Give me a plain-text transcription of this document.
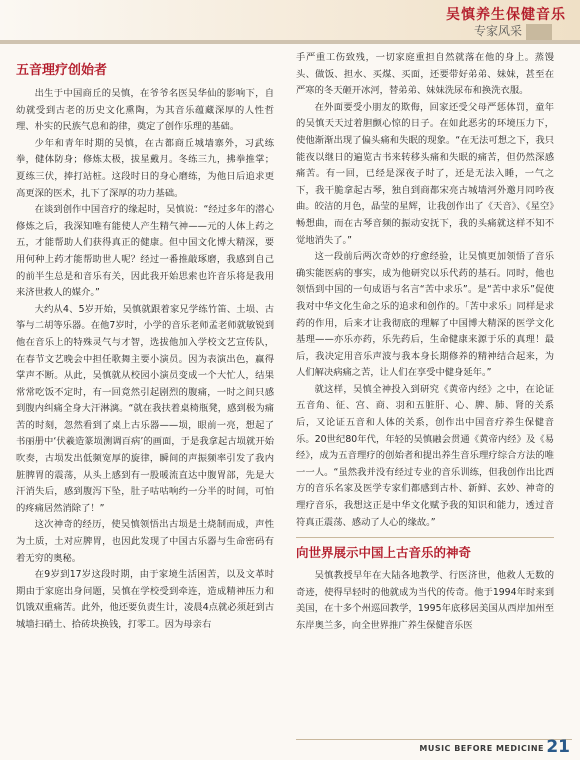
吴慎养生保健音乐
专家风采
五音理疗创始者

出生于中国商丘的吴慎，在爷爷名医吴华仙的影响下，自幼就受到古老的历史文化熏陶，为其音乐蕴藏深厚的人性哲理、朴实的民族气息和韵律，奠定了创作乐理的基础。

少年和青年时期的吴慎，在古都商丘城墙寨外，习武练拳，健体防身；修炼太极，拔星戴月。冬练三九，拂拳推掌；夏练三伏，捧打站桩。这段时日的身心磨练，为他日后追求更高更深的医术，扎下了深厚的功力基础。

在谈到创作中国音疗的缘起时，吴慎说：“经过多年的潜心修炼之后，我深知唯有能使人产生精气神——元的人体上药之五，才能帮助人们获得真正的健康。但中国文化博大精深，要用何种上药才能帮助世人呢？经过一番推敲琢磨，我感到自己的前半生总是和音乐有关，因此我开始思索也许音乐将是我用来济世救人的媒介。”

大约从4、5岁开始，吴慎就跟着家兄学练竹笛、土埙、古筝与二胡等乐器。在他7岁时，小学的音乐老师孟老师就敏锐到他在音乐上的特殊灵气与才智，选拔他加入学校文艺宣传队，在春节文艺晚会中担任歌舞主要小演员。因为表演出色，赢得掌声不断。从此，吴慎就从校园小演员变成一个大忙人，结果常常吃饭不定时，有一回竟然引起剧烈的腹痛，一时之间只感到腹内纠痛全身大汗淋漓。“就在我扶着桌椅瓶凳，感到极为痛苦的时刻，忽然看到了桌上古乐器——埙，眼前一亮，想起了书丽册中‘伏羲造篆埙测调百病’的画面，于是我拿起古埙就开始吹奏，古埙发出低频宽厚的旋律，瞬间的声振频率引发了我内脏脾胃的震荡，从头上感到有一股暖流直达中腹胃部，先是大汗消失后，感到腹泻下坠，肚子咕咕响约一分半的时间，可怕的疼痛居然消除了！”

这次神奇的经历，使吴慎领悟出古埙是土烧制而成，声性为土质，土对应脾胃，也因此发现了中国古乐器与生命密码有着无穷的奥秘。

在9岁到17岁这段时期，由于家境生活困苦，以及文革时期由于家庭出身问题，吴慎在学校受到牵连，造成精神压力和饥饿双重痛苦。此外，他还要负责生计，凌晨4点就必须赶到古城墙扫硝土、拾砖块换钱，打零工。因为母亲右

手严重工伤致残，一切家庭重担自然就落在他的身上。蒸馒头、做饭、担水、买煤、买面，还要带好弟弟、妹妹，甚至在严寒的冬天砸开冰河，替弟弟、妹妹洗尿布和换洗衣服。

在外面要受小朋友的欺侮，回家还受父母严惩体罚，童年的吴慎天天过着胆颤心惊的日子。在如此恶劣的环境压力下，使他渐渐出现了偏头痛和失眠的现象。“在无法可想之下，我只能夜以继日的遍览古书来转移头痛和失眠的痛苦，但仍然深感痛苦。有一回，已经是深夜子时了，还是无法入睡，一气之下，我干脆拿起古琴，独自到商都宋亮古城墙河外邀月同吟夜曲。皎洁的月色，晶莹的星辉，让我创作出了《天音》、《星空》畅想曲，而在古琴音频的振动安抚下，我的头痛就这样不知不觉地消失了。”

这一段前后两次奇妙的疗愈经验，让吴慎更加领悟了音乐确实能医病的事实，成为他研究以乐代药的基石。同时，他也领悟到中国的一句成语与名言“苦中求乐”。是“苦中求乐”促使我对中华文化生命之乐的追求和创作的。「苦中求乐」同样是求药的作用，后来才让我彻底的理解了中国博大精深的医学文化基理——亦乐亦药，乐先药后，生命健康来源于乐的真理！最后，我决定用音乐声波与我本身长期修养的精神结合起来，为人们解决病痛之苦，让人们在享受中健身延年。”

就这样，吴慎全神投入到研究《黄帝内经》之中，在论证五音角、征、宫、商、羽和五脏肝、心、脾、肺、肾的关系后，又论证五音和人体的关系，创作出中国音疗养生保健音乐。20世纪80年代，年轻的吴慎融会贯通《黄帝内经》及《易经》，成为五音理疗的创始者和提出养生音乐理疗综合方法的唯一一人。“虽然我并没有经过专业的音乐训练，但我创作出比西方的音乐名家及医学专家们都感到古朴、新鲜、玄妙、神奇的理疗音乐，我想这正是中华文化赋予我的知识和能力，透过音符真正震荡、感动了人心的缘故。”

向世界展示中国上古音乐的神奇

吴慎教授早年在大陆各地教学、行医济世，他救人无数的奇迹，使得早轻时的他就成为当代的传奇。他于1994年时来到美国，在十多个州巡回教学，1995年底移居美国从西岸加州至东岸奥兰多，向全世界推广养生保健音乐医

MUSIC BEFORE MEDICINE 21
